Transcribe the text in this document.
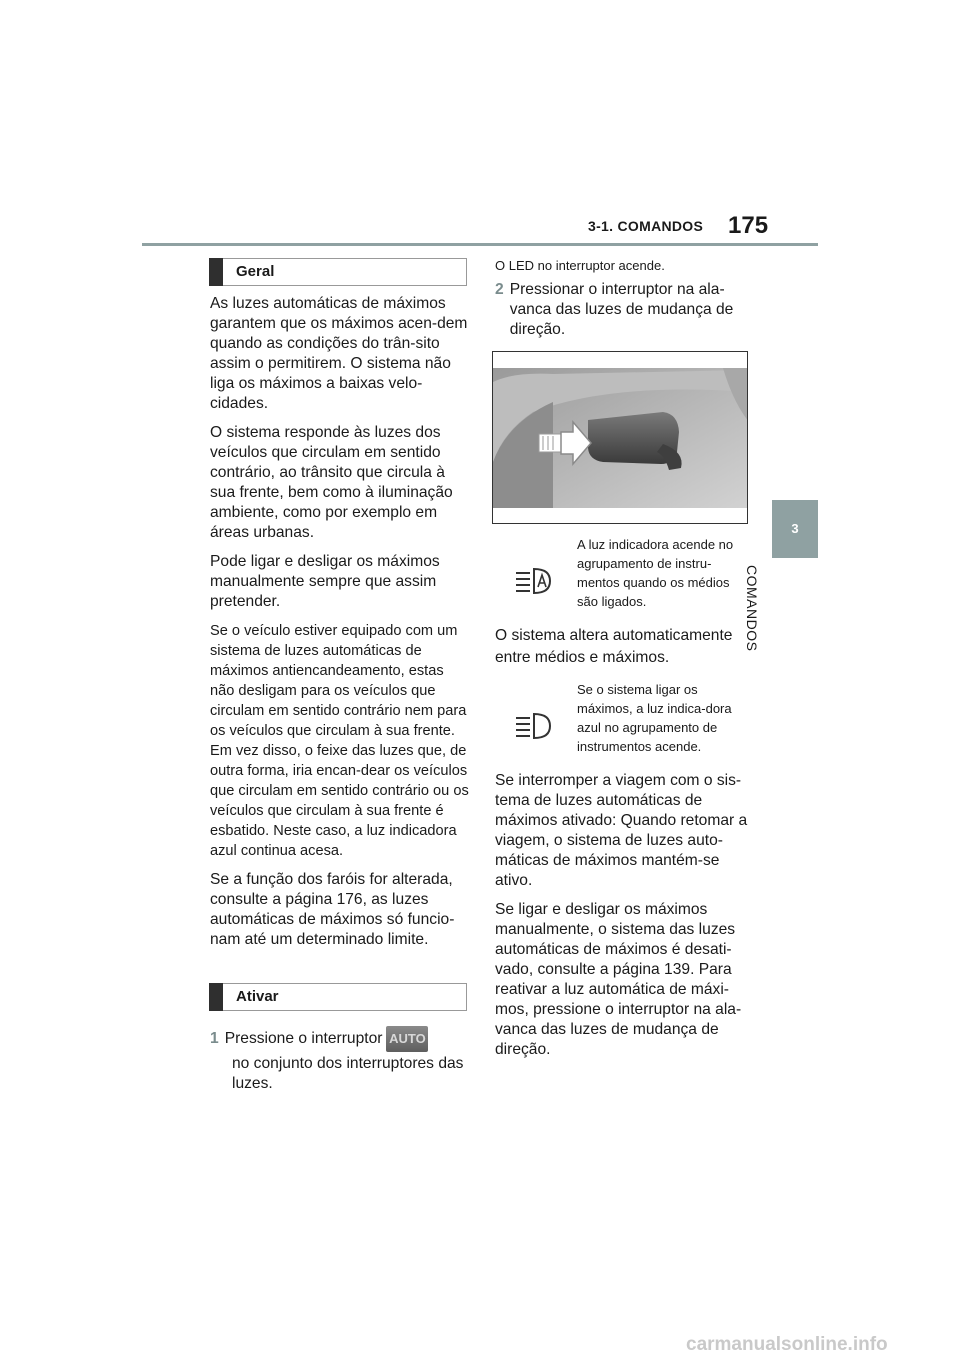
3-1. COMANDOS 175
3
COMANDOS
Geral

As luzes automáticas de máximos garantem que os máximos acen-dem quando as condições do trân-sito assim o permitirem. O sistema não liga os máximos a baixas velo-cidades.

O sistema responde às luzes dos veículos que circulam em sentido contrário, ao trânsito que circula à sua frente, bem como à iluminação ambiente, como por exemplo em áreas urbanas.

Pode ligar e desligar os máximos manualmente sempre que assim pretender.

Se o veículo estiver equipado com um sistema de luzes automáticas de máximos antiencandeamento, estas não desligam para os veículos que circulam em sentido contrário nem para os veículos que circulam à sua frente. Em vez disso, o feixe das luzes que, de outra forma, iria encan-dear os veículos que circulam em sentido contrário ou os veículos que circulam à sua frente é esbatido. Neste caso, a luz indicadora azul continua acesa.

Se a função dos faróis for alterada, consulte a página 176, as luzes automáticas de máximos só funcio-nam até um determinado limite.

Ativar
1 Pressione o interruptor AUTO
no conjunto dos interruptores das luzes.
O LED no interruptor acende.
2 Pressionar o interruptor na ala-vanca das luzes de mudança de direção.
A luz indicadora acende no agrupamento de instru-mentos quando os médios são ligados.

O sistema altera automaticamente entre médios e máximos.

Se o sistema ligar os máximos, a luz indica-dora azul no agrupamento de instrumentos acende.

Se interromper a viagem com o sis-tema de luzes automáticas de máximos ativado: Quando retomar a viagem, o sistema de luzes auto-máticas de máximos mantém-se ativo.

Se ligar e desligar os máximos manualmente, o sistema das luzes automáticas de máximos é desati-vado, consulte a página 139. Para reativar a luz automática de máxi-mos, pressione o interruptor na ala-vanca das luzes de mudança de direção.

carmanualsonline.info
